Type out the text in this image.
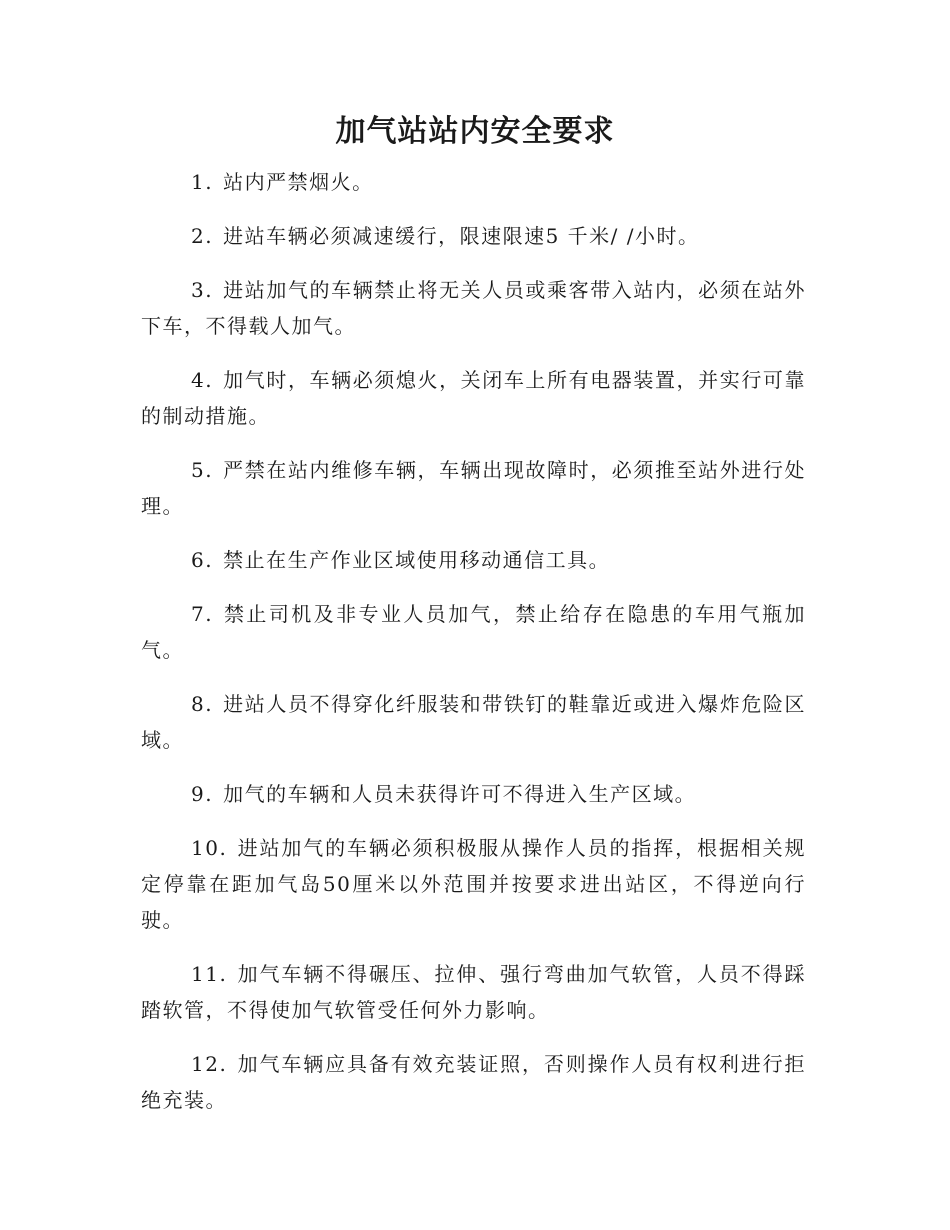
加气站站内安全要求

1. 站内严禁烟火。

2. 进站车辆必须减速缓行，限速限速5 千米/ /小时。

3. 进站加气的车辆禁止将无关人员或乘客带入站内，必须在站外下车，不得载人加气。

4. 加气时，车辆必须熄火，关闭车上所有电器装置，并实行可靠的制动措施。

5. 严禁在站内维修车辆，车辆出现故障时，必须推至站外进行处理。

6. 禁止在生产作业区域使用移动通信工具。

7. 禁止司机及非专业人员加气，禁止给存在隐患的车用气瓶加气。

8. 进站人员不得穿化纤服装和带铁钉的鞋靠近或进入爆炸危险区域。

9. 加气的车辆和人员未获得许可不得进入生产区域。

10. 进站加气的车辆必须积极服从操作人员的指挥，根据相关规定停靠在距加气岛50厘米以外范围并按要求进出站区，不得逆向行驶。

11. 加气车辆不得碾压、拉伸、强行弯曲加气软管，人员不得踩踏软管，不得使加气软管受任何外力影响。

12. 加气车辆应具备有效充装证照，否则操作人员有权利进行拒绝充装。
